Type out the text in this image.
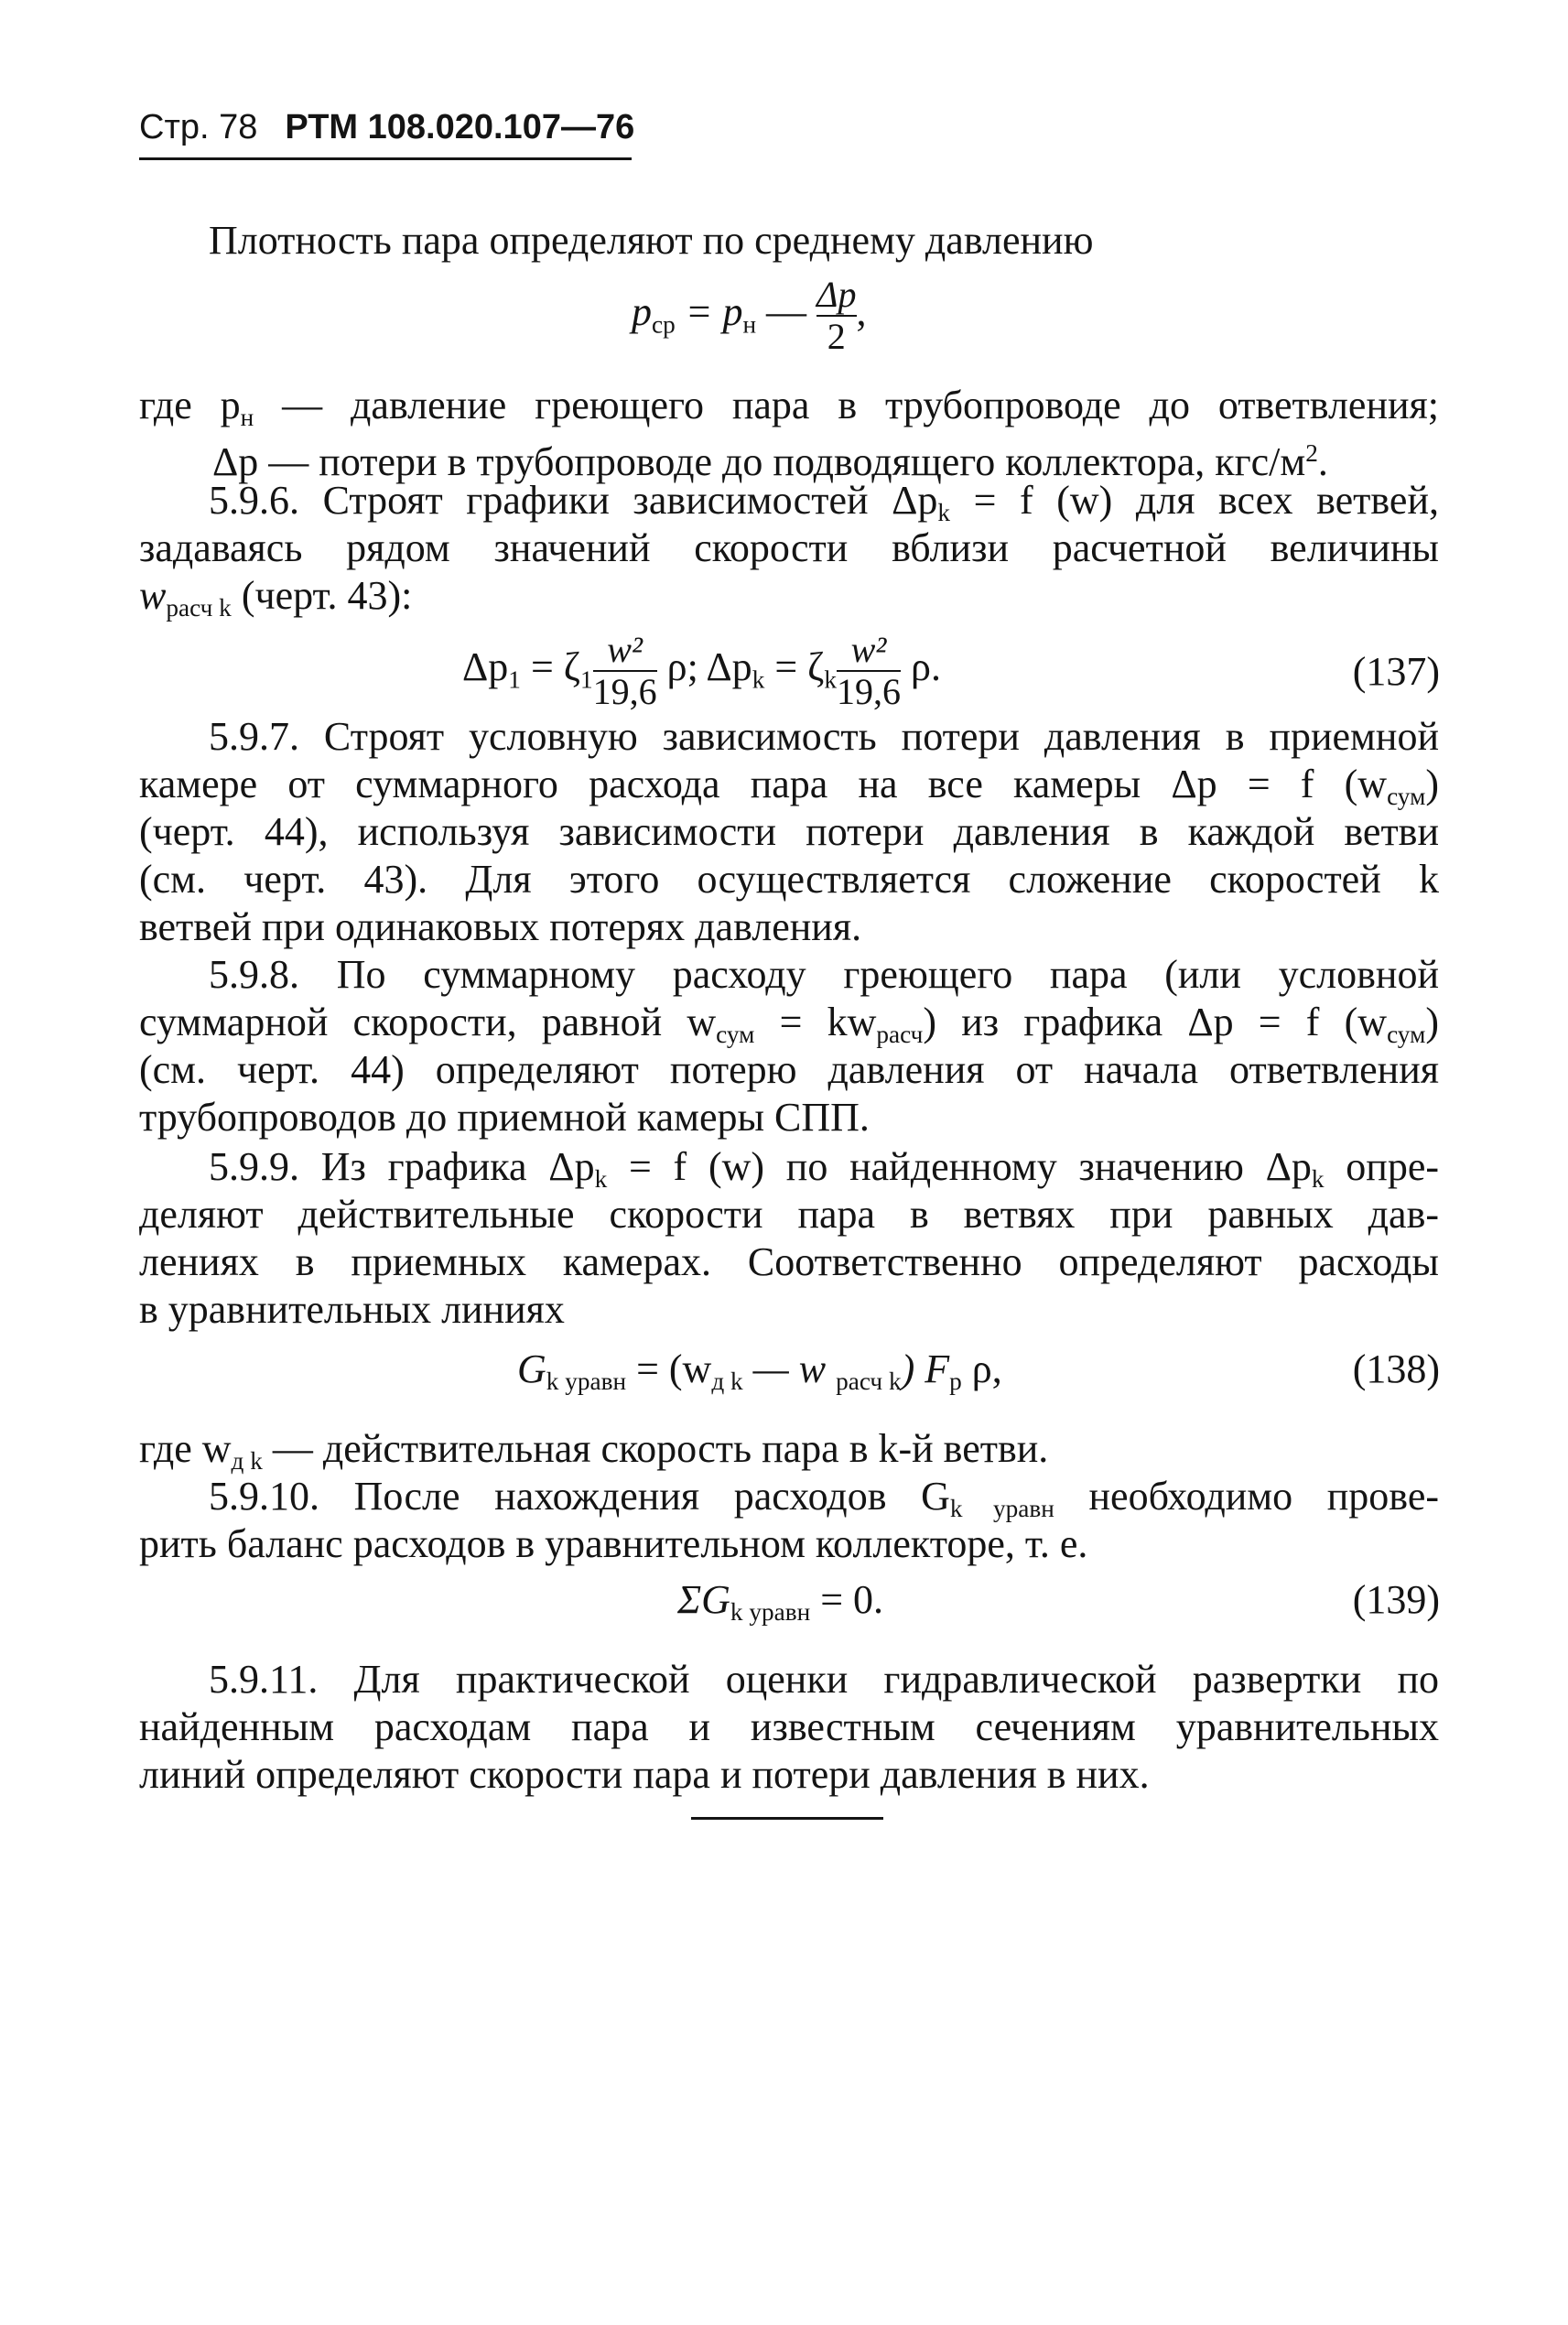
Стр. 78 РТМ 108.020.107—76
Плотность пара определяют по среднему давлению
$p_{ср} = p_н$ — $\frac{\Delta p}{2}$ ,
где $p_н$ — давление греющего пара в трубопроводе до ответвления;
Δp — потери в трубопроводе до подводящего коллектора, кгс/$м^2$.
5.9.6. Строят графики зависимостей $\Delta p_k = f$ (w) для всех ветвей,
задаваясь рядом значений скорости вблизи расчетной величины
$w_{расч k}$ (черт. 43):
$\Delta p_1 = \zeta_1 \frac{\text{w²}}{19,6} \rho$; $\Delta p_k = \zeta_k \frac{\text{w²}}{19,6} \rho$.	(137)
5.9.7. Строят условную зависимость потери давления в приемной
камере от суммарного расхода пара на все камеры Δp = f $(w_{сум})$
(черт. 44), используя зависимости потери давления в каждой ветви
(см. черт. 43). Для этого осуществляется сложение скоростей k
ветвей при одинаковых потерях давления.
5.9.8. По суммарному расходу греющего пара (или условной
суммарной скорости, равной $w_{сум} = kw_{расч}$) из графика Δp = f $(w_{сум})$
(см. черт. 44) определяют потерю давления от начала ответвления
трубопроводов до приемной камеры СПП.
5.9.9. Из графика $\Delta p_k = f$ (w) по найденному значению $\Delta p_k$ опре-
деляют действительные скорости пара в ветвях при равных дав-
лениях в приемных камерах. Соответственно определяют расходы
в уравнительных линиях
$G_{k уравн} = (w_{д k}$ — w $_{расч k}$) $F_р$ ρ,	(138)
где $w_{д k}$ — действительная скорость пара в k-й ветви.
5.9.10. После нахождения расходов $G_{k уравн}$ необходимо прове-
рить баланс расходов в уравнительном коллекторе, т. е.
$\Sigma G_{k уравн} = 0$.	(139)
5.9.11. Для практической оценки гидравлической развертки по
найденным расходам пара и известным сечениям уравнительных
линий определяют скорости пара и потери давления в них.
